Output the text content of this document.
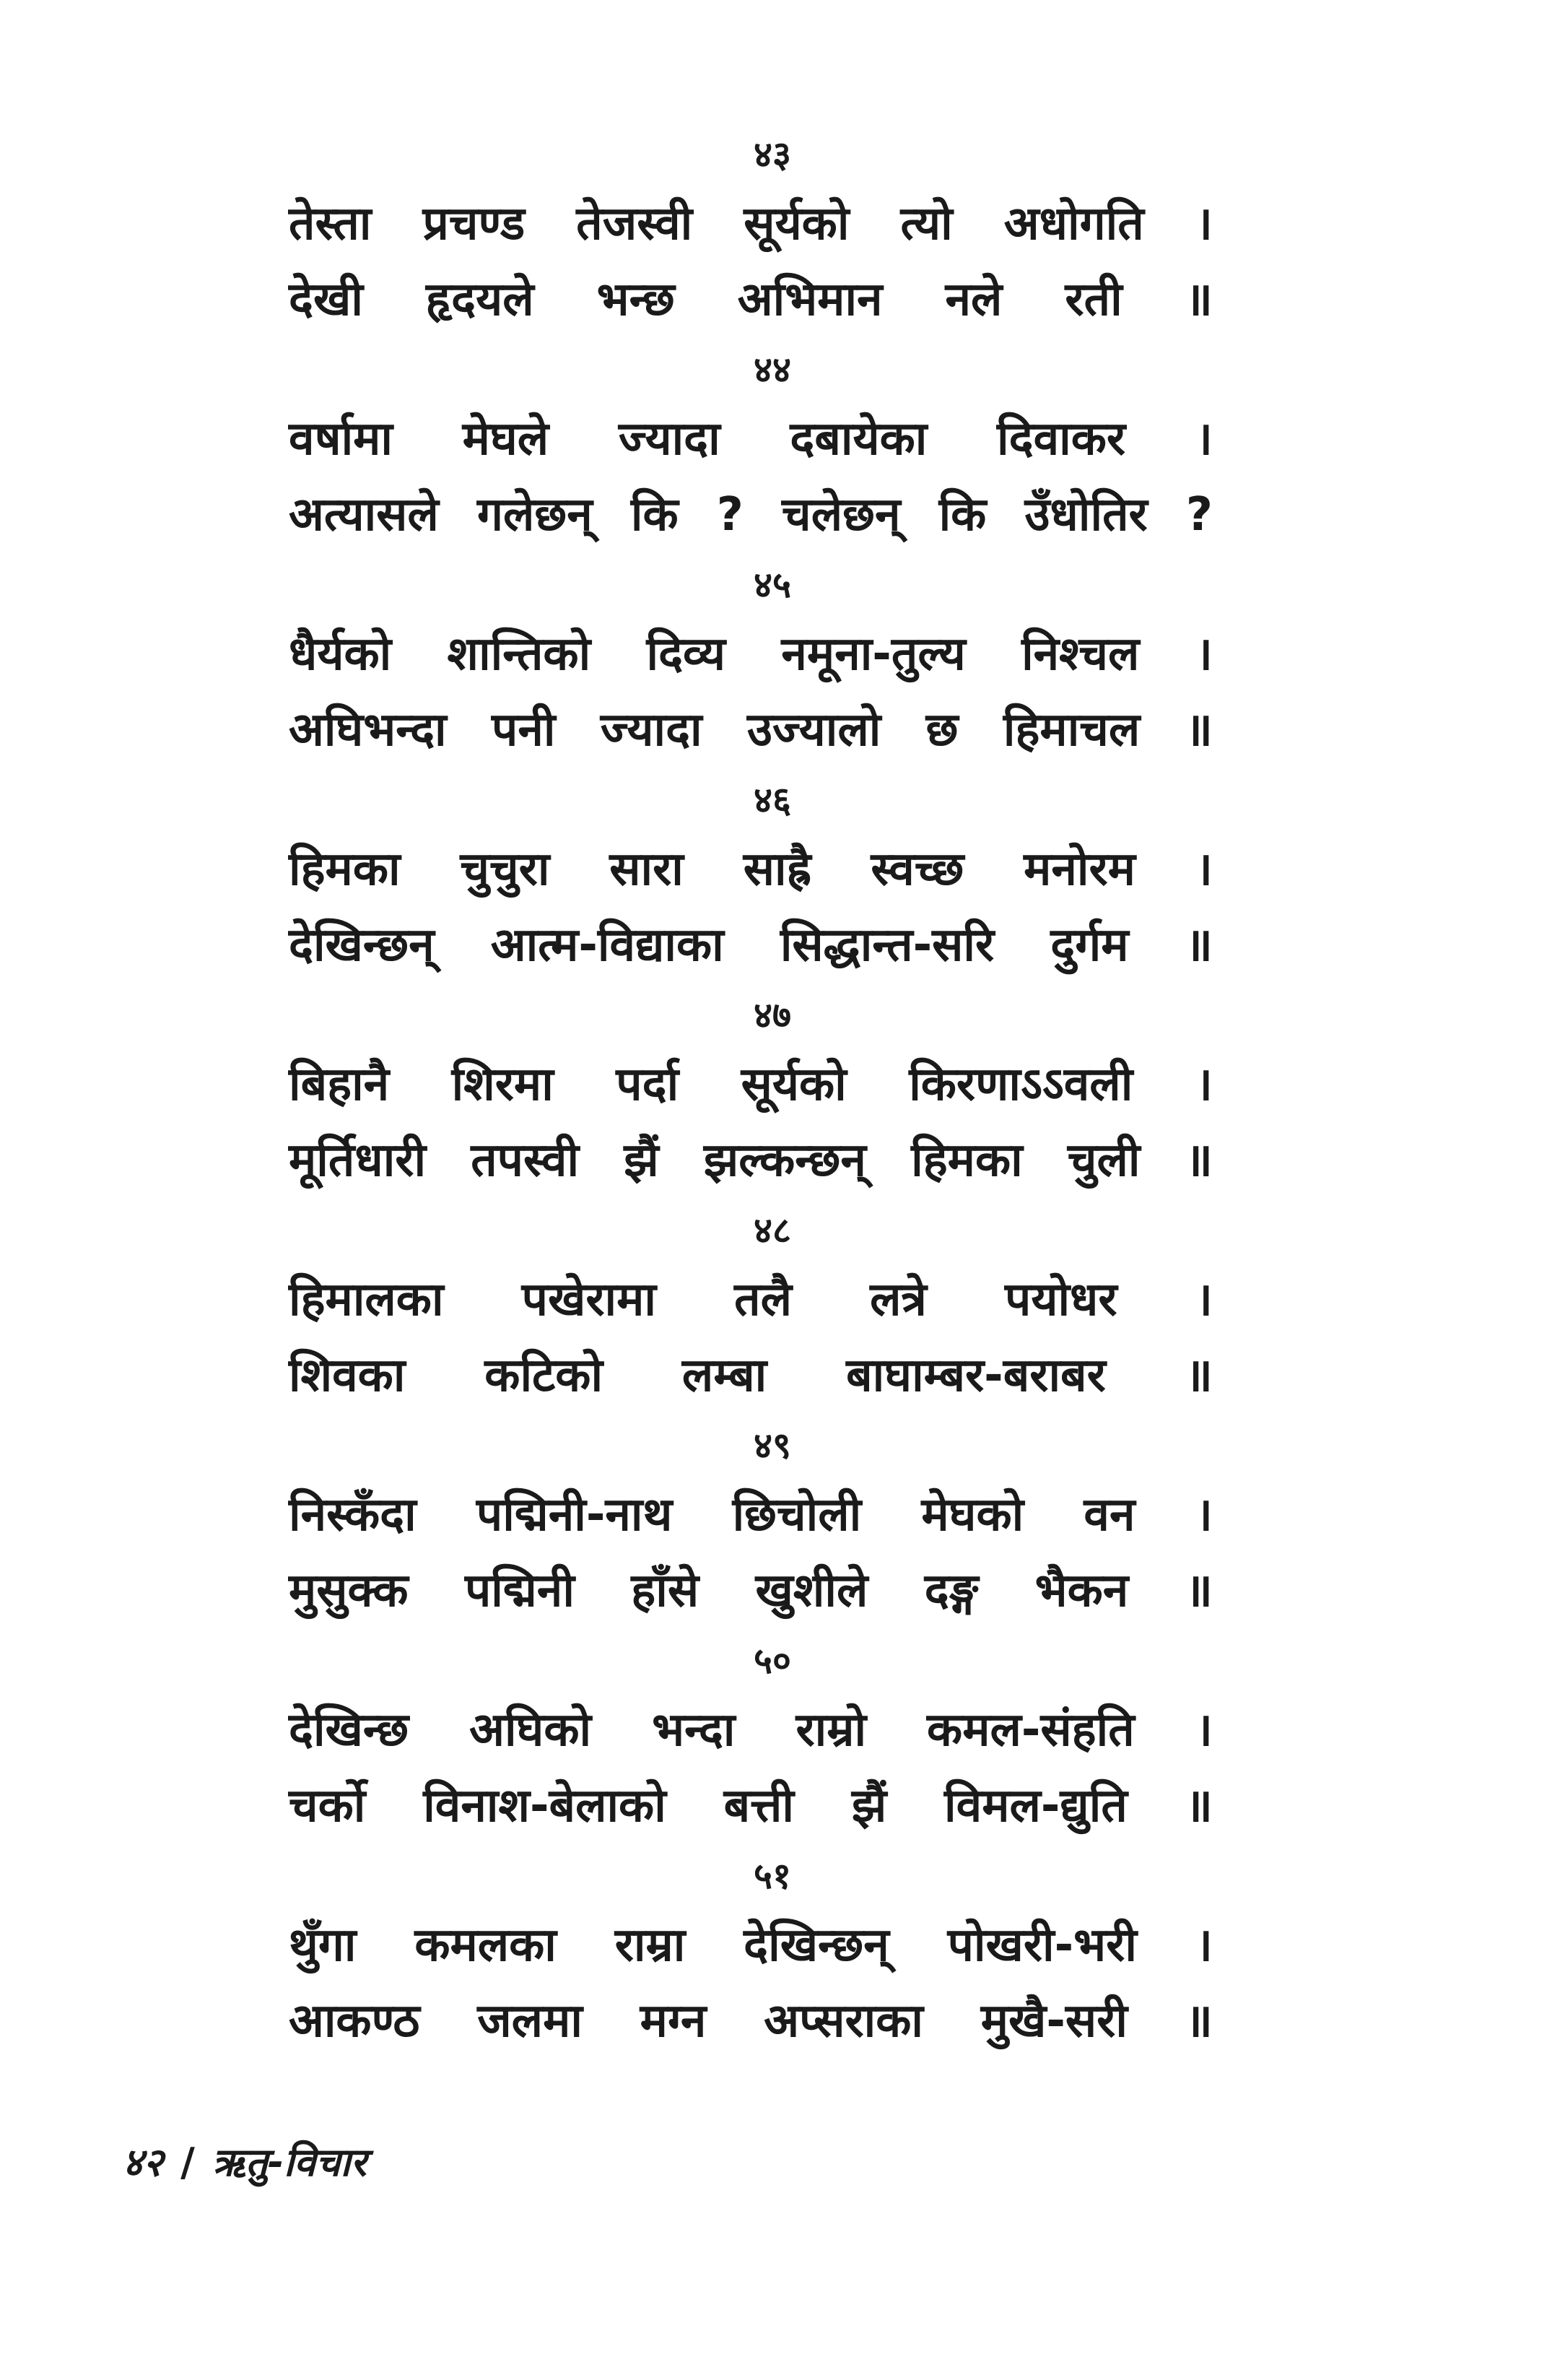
४३
तेस्ता प्रचण्ड तेजस्वी सूर्यको त्यो अधोगति ।
देखी हृदयले भन्छ अभिमान नले रती ॥
४४
वर्षामा मेघले ज्यादा दबायेका दिवाकर ।
अत्यासले गलेछन् कि ? चलेछन् कि उँधोतिर ?
४५
धैर्यको शान्तिको दिव्य नमूना-तुल्य निश्चल ।
अघिभन्दा पनी ज्यादा उज्यालो छ हिमाचल ॥
४६
हिमका चुचुरा सारा साह्रै स्वच्छ मनोरम ।
देखिन्छन् आत्म-विद्याका सिद्धान्त-सरि दुर्गम ॥
४७
बिहानै शिरमा पर्दा सूर्यको किरणाऽऽवली ।
मूर्तिधारी तपस्वी झैं झल्कन्छन् हिमका चुली ॥
४८
हिमालका पखेरामा तलै लत्रे पयोधर ।
शिवका कटिको लम्बा बाघाम्बर-बराबर ॥
४९
निस्कँदा पद्मिनी-नाथ छिचोली मेघको वन ।
मुसुक्क पद्मिनी हाँसे खुशीले दङ्ग भैकन ॥
५०
देखिन्छ अघिको भन्दा राम्रो कमल-संहति ।
चर्को विनाश-बेलाको बत्ती झैं विमल-द्युति ॥
५१
थुँगा कमलका राम्रा देखिन्छन् पोखरी-भरी ।
आकण्ठ जलमा मग्न अप्सराका मुखै-सरी ॥
४२ / ऋतु-विचार
